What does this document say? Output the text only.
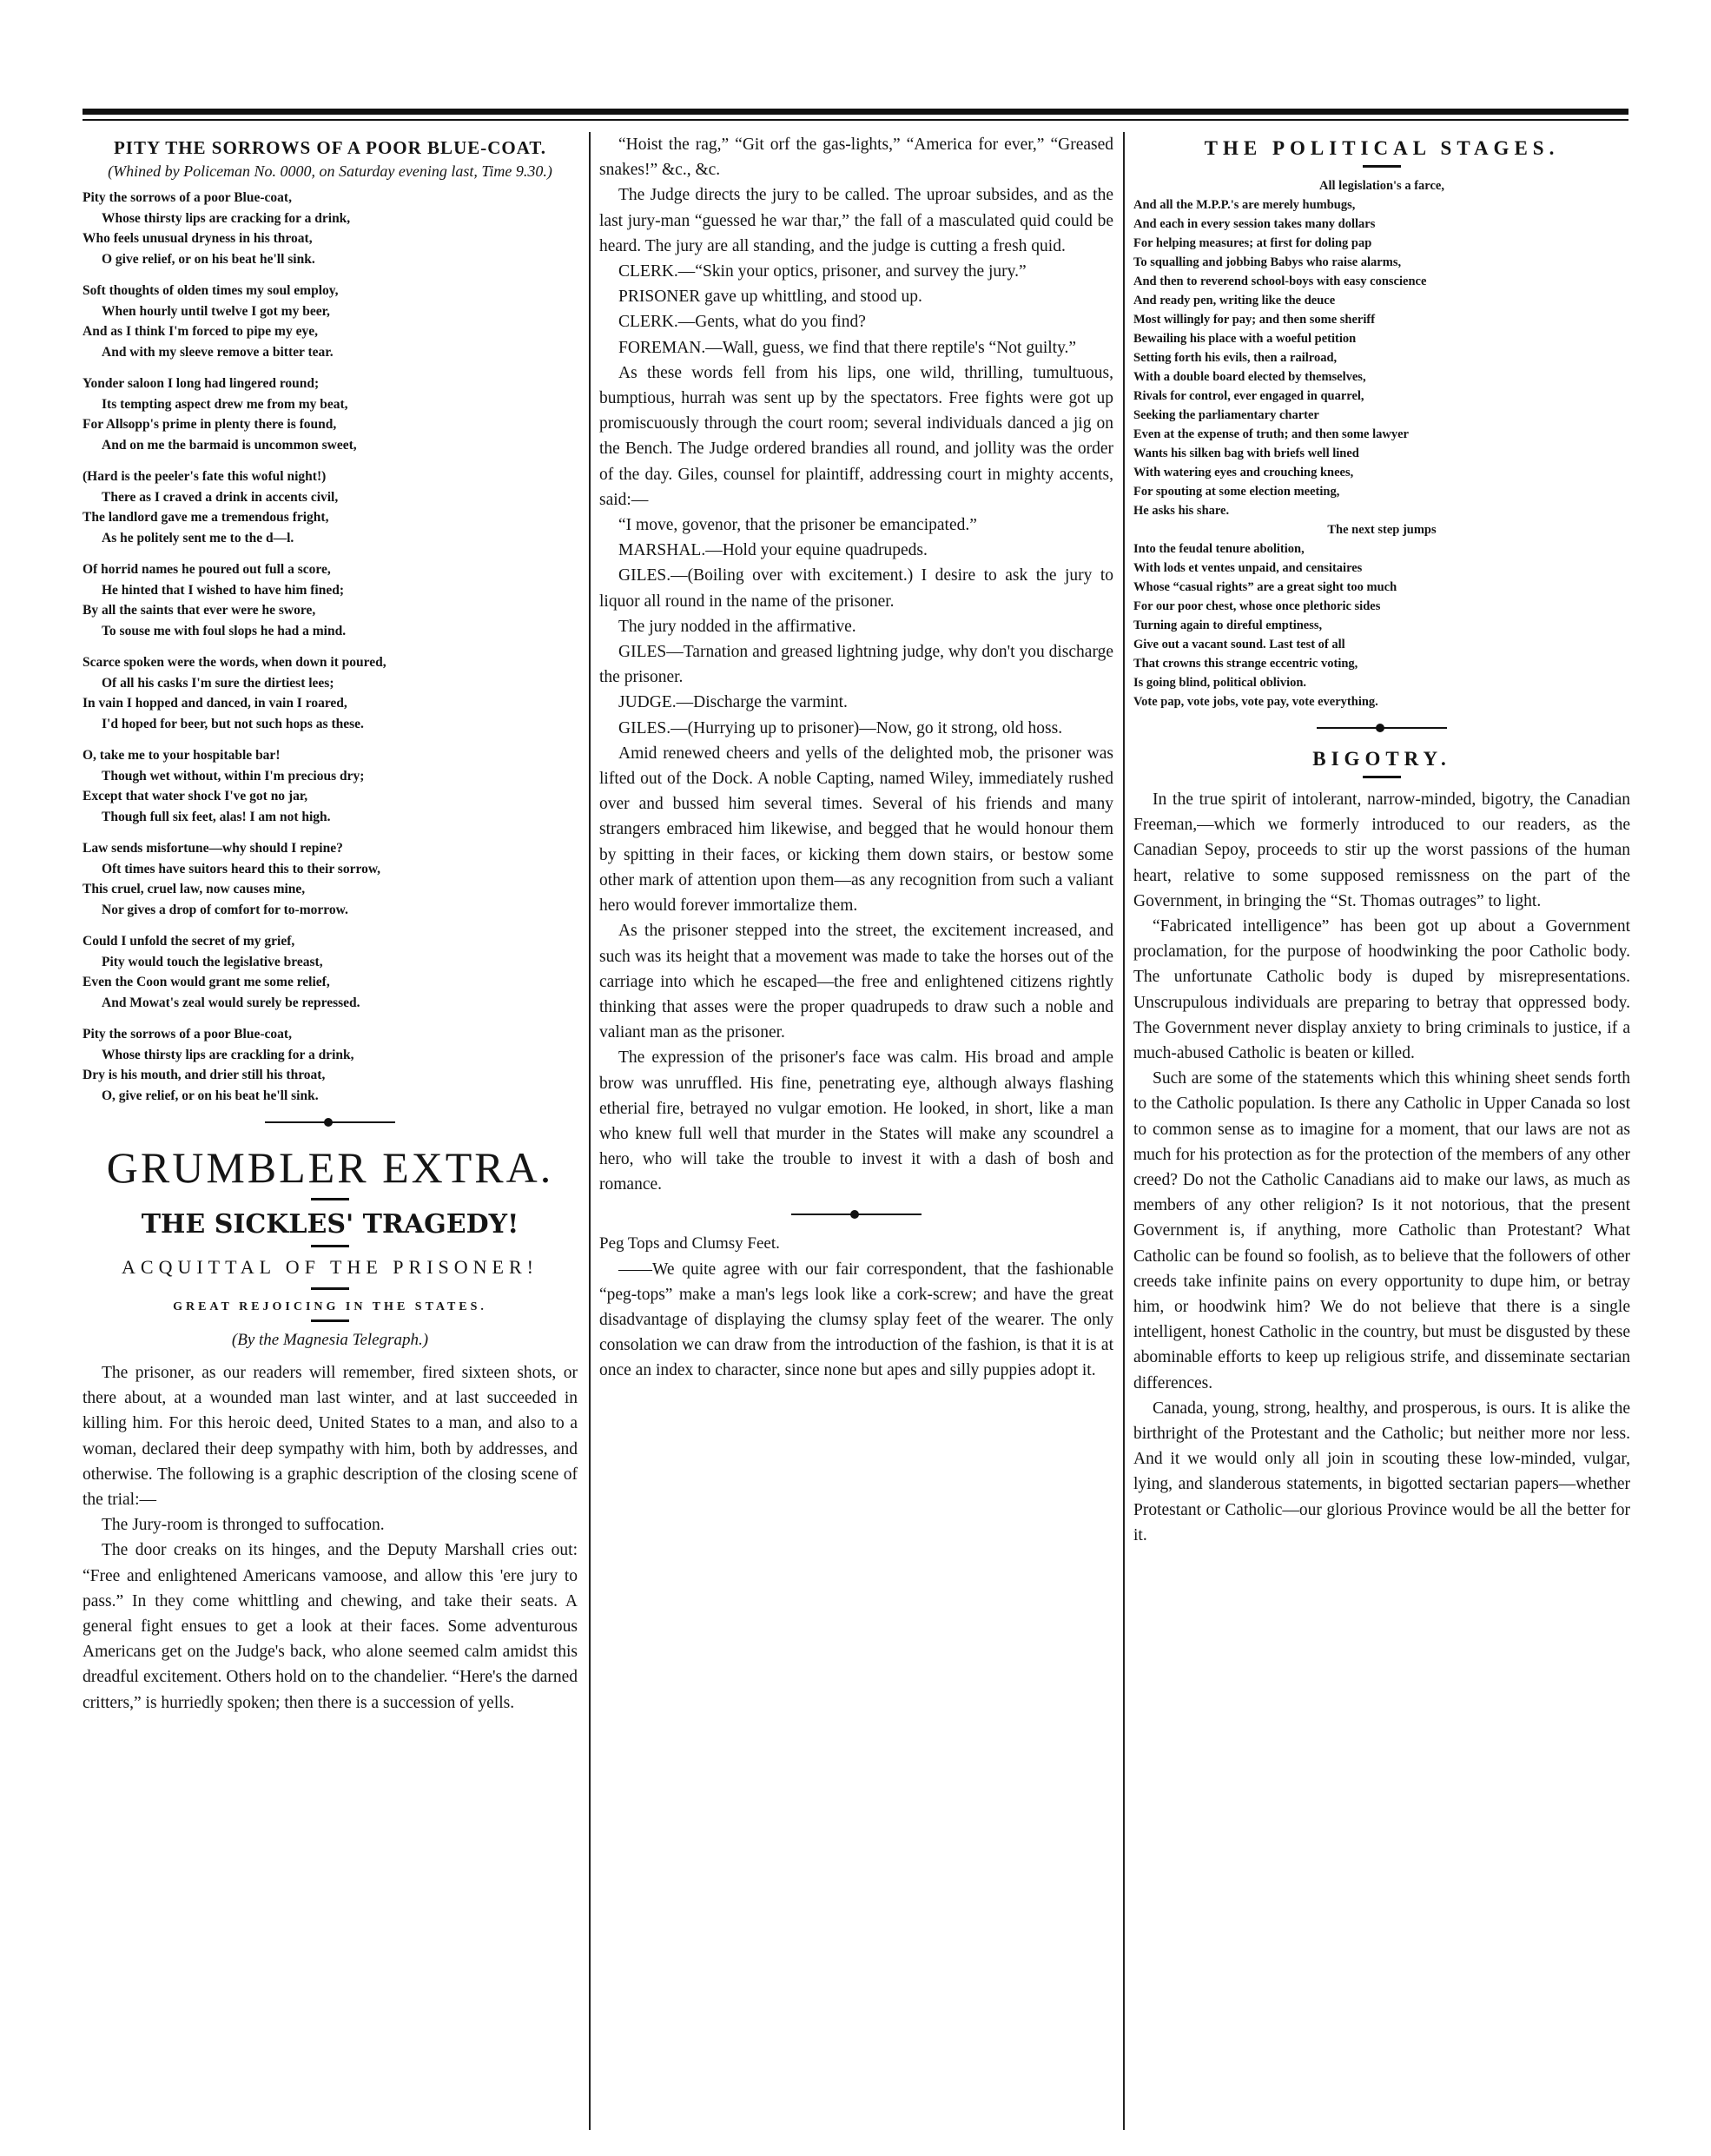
PITY THE SORROWS OF A POOR BLUE-COAT.
(Whined by Policeman No. 0000, on Saturday evening last, Time 9.30.)

Pity the sorrows of a poor Blue-coat,
Whose thirsty lips are cracking for a drink,
Who feels unusual dryness in his throat,
O give relief, or on his beat he'll sink.

Soft thoughts of olden times my soul employ,
When hourly until twelve I got my beer,
And as I think I'm forced to pipe my eye,
And with my sleeve remove a bitter tear.

Yonder saloon I long had lingered round;
Its tempting aspect drew me from my beat,
For Allsopp's prime in plenty there is found,
And on me the barmaid is uncommon sweet,

(Hard is the peeler's fate this woful night!)
There as I craved a drink in accents civil,
The landlord gave me a tremendous fright,
As he politely sent me to the d—l.

Of horrid names he poured out full a score,
He hinted that I wished to have him fined;
By all the saints that ever were he swore,
To souse me with foul slops he had a mind.

Scarce spoken were the words, when down it poured,
Of all his casks I'm sure the dirtiest lees;
In vain I hopped and danced, in vain I roared,
I'd hoped for beer, but not such hops as these.

O, take me to your hospitable bar!
Though wet without, within I'm precious dry;
Except that water shock I've got no jar,
Though full six feet, alas! I am not high.

Law sends misfortune—why should I repine?
Oft times have suitors heard this to their sorrow,
This cruel, cruel law, now causes mine,
Nor gives a drop of comfort for to-morrow.

Could I unfold the secret of my grief,
Pity would touch the legislative breast,
Even the Coon would grant me some relief,
And Mowat's zeal would surely be repressed.

Pity the sorrows of a poor Blue-coat,
Whose thirsty lips are crackling for a drink,
Dry is his mouth, and drier still his throat,
O, give relief, or on his beat he'll sink.

GRUMBLER EXTRA.
THE SICKLES' TRAGEDY!
ACQUITTAL OF THE PRISONER!
GREAT REJOICING IN THE STATES.
(By the Magnesia Telegraph.)

The prisoner, as our readers will remember, fired sixteen shots, or there about, at a wounded man last winter, and at last succeeded in killing him. For this heroic deed, United States to a man, and also to a woman, declared their deep sympathy with him, both by addresses, and otherwise. The following is a graphic description of the closing scene of the trial:—

The Jury-room is thronged to suffocation.

The door creaks on its hinges, and the Deputy Marshall cries out: “Free and enlightened Americans vamoose, and allow this 'ere jury to pass.” In they come whittling and chewing, and take their seats. A general fight ensues to get a look at their faces. Some adventurous Americans get on the Judge's back, who alone seemed calm amidst this dreadful excitement. Others hold on to the chandelier. “Here's the darned critters,” is hurriedly spoken; then there is a succession of yells.

“Hoist the rag,” “Git orf the gas-lights,” “America for ever,” “Greased snakes!” &c., &c.

The Judge directs the jury to be called. The uproar subsides, and as the last jury-man “guessed he war thar,” the fall of a masculated quid could be heard. The jury are all standing, and the judge is cutting a fresh quid.

CLERK.—“Skin your optics, prisoner, and survey the jury.”

PRISONER gave up whittling, and stood up.

CLERK.—Gents, what do you find?

FOREMAN.—Wall, guess, we find that there reptile's “Not guilty.”

As these words fell from his lips, one wild, thrilling, tumultuous, bumptious, hurrah was sent up by the spectators. Free fights were got up promiscuously through the court room; several individuals danced a jig on the Bench. The Judge ordered brandies all round, and jollity was the order of the day. Giles, counsel for plaintiff, addressing court in mighty accents, said:—

“I move, govenor, that the prisoner be emancipated.”

MARSHAL.—Hold your equine quadrupeds.

GILES.—(Boiling over with excitement.) I desire to ask the jury to liquor all round in the name of the prisoner.

The jury nodded in the affirmative.

GILES—Tarnation and greased lightning judge, why don't you discharge the prisoner.

JUDGE.—Discharge the varmint.

GILES.—(Hurrying up to prisoner)—Now, go it strong, old hoss.

Amid renewed cheers and yells of the delighted mob, the prisoner was lifted out of the Dock. A noble Capting, named Wiley, immediately rushed over and bussed him several times. Several of his friends and many strangers embraced him likewise, and begged that he would honour them by spitting in their faces, or kicking them down stairs, or bestow some other mark of attention upon them—as any recognition from such a valiant hero would forever immortalize them.

As the prisoner stepped into the street, the excitement increased, and such was its height that a movement was made to take the horses out of the carriage into which he escaped—the free and enlightened citizens rightly thinking that asses were the proper quadrupeds to draw such a noble and valiant man as the prisoner.

The expression of the prisoner's face was calm. His broad and ample brow was unruffled. His fine, penetrating eye, although always flashing etherial fire, betrayed no vulgar emotion. He looked, in short, like a man who knew full well that murder in the States will make any scoundrel a hero, who will take the trouble to invest it with a dash of bosh and romance.

Peg Tops and Clumsy Feet.

——We quite agree with our fair correspondent, that the fashionable “peg-tops” make a man's legs look like a cork-screw; and have the great disadvantage of displaying the clumsy splay feet of the wearer. The only consolation we can draw from the introduction of the fashion, is that it is at once an index to character, since none but apes and silly puppies adopt it.

THE POLITICAL STAGES.

All legislation's a farce,
And all the M.P.P.'s are merely humbugs,
And each in every session takes many dollars
For helping measures; at first for doling pap
To squalling and jobbing Babys who raise alarms,
And then to reverend school-boys with easy conscience
And ready pen, writing like the deuce
Most willingly for pay; and then some sheriff
Bewailing his place with a woeful petition
Setting forth his evils, then a railroad,
With a double board elected by themselves,
Rivals for control, ever engaged in quarrel,
Seeking the parliamentary charter
Even at the expense of truth; and then some lawyer
Wants his silken bag with briefs well lined
With watering eyes and crouching knees,
For spouting at some election meeting,
He asks his share.
The next step jumps
Into the feudal tenure abolition,
With lods et ventes unpaid, and censitaires
Whose “casual rights” are a great sight too much
For our poor chest, whose once plethoric sides
Turning again to direful emptiness,
Give out a vacant sound. Last test of all
That crowns this strange eccentric voting,
Is going blind, political oblivion.
Vote pap, vote jobs, vote pay, vote everything.

BIGOTRY.

In the true spirit of intolerant, narrow-minded, bigotry, the Canadian Freeman,—which we formerly introduced to our readers, as the Canadian Sepoy, proceeds to stir up the worst passions of the human heart, relative to some supposed remissness on the part of the Government, in bringing the “St. Thomas outrages” to light.

“Fabricated intelligence” has been got up about a Government proclamation, for the purpose of hoodwinking the poor Catholic body. The unfortunate Catholic body is duped by misrepresentations. Unscrupulous individuals are preparing to betray that oppressed body. The Government never display anxiety to bring criminals to justice, if a much-abused Catholic is beaten or killed.

Such are some of the statements which this whining sheet sends forth to the Catholic population. Is there any Catholic in Upper Canada so lost to common sense as to imagine for a moment, that our laws are not as much for his protection as for the protection of the members of any other creed? Do not the Catholic Canadians aid to make our laws, as much as members of any other religion? Is it not notorious, that the present Government is, if anything, more Catholic than Protestant? What Catholic can be found so foolish, as to believe that the followers of other creeds take infinite pains on every opportunity to dupe him, or betray him, or hoodwink him? We do not believe that there is a single intelligent, honest Catholic in the country, but must be disgusted by these abominable efforts to keep up religious strife, and disseminate sectarian differences.

Canada, young, strong, healthy, and prosperous, is ours. It is alike the birthright of the Protestant and the Catholic; but neither more nor less. And it we would only all join in scouting these low-minded, vulgar, lying, and slanderous statements, in bigotted sectarian papers—whether Protestant or Catholic—our glorious Province would be all the better for it.
